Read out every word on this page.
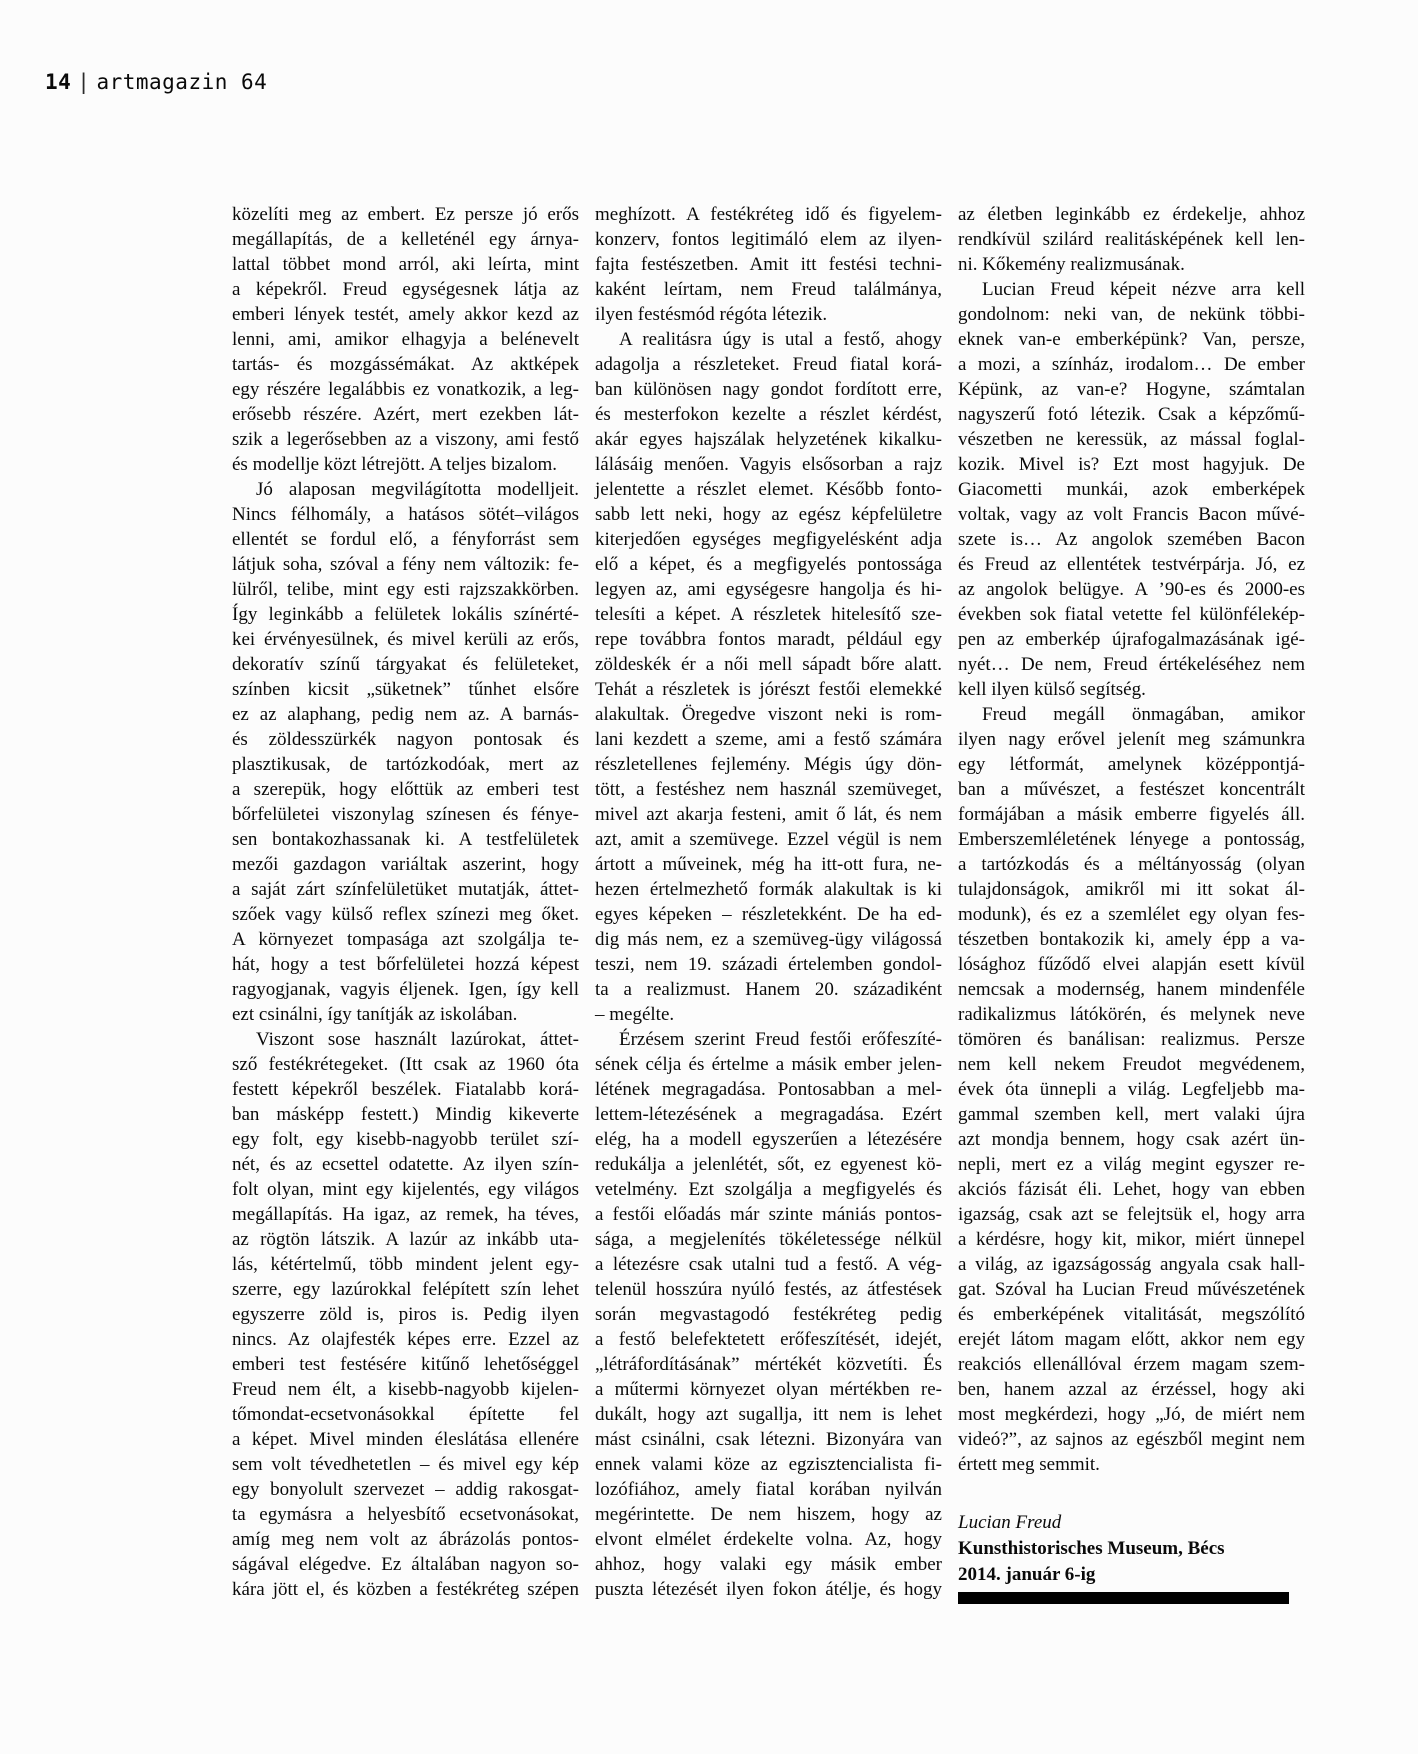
14 | artmagazin 64
közelíti meg az embert. Ez persze jó erős
megállapítás, de a kelleténél egy árnya-
lattal többet mond arról, aki leírta, mint
a képekről. Freud egységesnek látja az
emberi lények testét, amely akkor kezd az
lenni, ami, amikor elhagyja a belénevelt
tartás- és mozgássémákat. Az aktképek
egy részére legalábbis ez vonatkozik, a leg-
erősebb részére. Azért, mert ezekben lát-
szik a legerősebben az a viszony, ami festő
és modellje közt létrejött. A teljes bizalom.
Jó alaposan megvilágította modelljeit.
Nincs félhomály, a hatásos sötét–világos
ellentét se fordul elő, a fényforrást sem
látjuk soha, szóval a fény nem változik: fe-
lülről, telibe, mint egy esti rajzszakkörben.
Így leginkább a felületek lokális színérté-
kei érvényesülnek, és mivel kerüli az erős,
dekoratív színű tárgyakat és felületeket,
színben kicsit „süketnek” tűnhet elsőre
ez az alaphang, pedig nem az. A barnás-
és zöldesszürkék nagyon pontosak és
plasztikusak, de tartózkodóak, mert az
a szerepük, hogy előttük az emberi test
bőrfelületei viszonylag színesen és fénye-
sen bontakozhassanak ki. A testfelületek
mezői gazdagon variáltak aszerint, hogy
a saját zárt színfelületüket mutatják, áttet-
szőek vagy külső reflex színezi meg őket.
A környezet tompasága azt szolgálja te-
hát, hogy a test bőrfelületei hozzá képest
ragyogjanak, vagyis éljenek. Igen, így kell
ezt csinálni, így tanítják az iskolában.
Viszont sose használt lazúrokat, áttet-
sző festékrétegeket. (Itt csak az 1960 óta
festett képekről beszélek. Fiatalabb korá-
ban másképp festett.) Mindig kikeverte
egy folt, egy kisebb-nagyobb terület szí-
nét, és az ecsettel odatette. Az ilyen szín-
folt olyan, mint egy kijelentés, egy világos
megállapítás. Ha igaz, az remek, ha téves,
az rögtön látszik. A lazúr az inkább uta-
lás, kétértelmű, több mindent jelent egy-
szerre, egy lazúrokkal felépített szín lehet
egyszerre zöld is, piros is. Pedig ilyen
nincs. Az olajfesték képes erre. Ezzel az
emberi test festésére kitűnő lehetőséggel
Freud nem élt, a kisebb-nagyobb kijelen-
tőmondat-ecsetvonásokkal építette fel
a képet. Mivel minden éleslátása ellenére
sem volt tévedhetetlen – és mivel egy kép
egy bonyolult szervezet – addig rakosgat-
ta egymásra a helyesbítő ecsetvonásokat,
amíg meg nem volt az ábrázolás pontos-
ságával elégedve. Ez általában nagyon so-
kára jött el, és közben a festékréteg szépen
meghízott. A festékréteg idő és figyelem-
konzerv, fontos legitimáló elem az ilyen-
fajta festészetben. Amit itt festési techni-
kaként leírtam, nem Freud találmánya,
ilyen festésmód régóta létezik.
A realitásra úgy is utal a festő, ahogy
adagolja a részleteket. Freud fiatal korá-
ban különösen nagy gondot fordított erre,
és mesterfokon kezelte a részlet kérdést,
akár egyes hajszálak helyzetének kikalku-
lálásáig menően. Vagyis elsősorban a rajz
jelentette a részlet elemet. Később fonto-
sabb lett neki, hogy az egész képfelületre
kiterjedően egységes megfigyelésként adja
elő a képet, és a megfigyelés pontossága
legyen az, ami egységesre hangolja és hi-
telesíti a képet. A részletek hitelesítő sze-
repe továbbra fontos maradt, például egy
zöldeskék ér a női mell sápadt bőre alatt.
Tehát a részletek is jórészt festői elemekké
alakultak. Öregedve viszont neki is rom-
lani kezdett a szeme, ami a festő számára
részletellenes fejlemény. Mégis úgy dön-
tött, a festéshez nem használ szemüveget,
mivel azt akarja festeni, amit ő lát, és nem
azt, amit a szemüvege. Ezzel végül is nem
ártott a műveinek, még ha itt-ott fura, ne-
hezen értelmezhető formák alakultak is ki
egyes képeken – részletekként. De ha ed-
dig más nem, ez a szemüveg-ügy világossá
teszi, nem 19. századi értelemben gondol-
ta a realizmust. Hanem 20. századiként
– megélte.
Érzésem szerint Freud festői erőfeszíté-
sének célja és értelme a másik ember jelen-
létének megragadása. Pontosabban a mel-
lettem-létezésének a megragadása. Ezért
elég, ha a modell egyszerűen a létezésére
redukálja a jelenlétét, sőt, ez egyenest kö-
vetelmény. Ezt szolgálja a megfigyelés és
a festői előadás már szinte mániás pontos-
sága, a megjelenítés tökéletessége nélkül
a létezésre csak utalni tud a festő. A vég-
telenül hosszúra nyúló festés, az átfestések
során megvastagodó festékréteg pedig
a festő belefektetett erőfeszítését, idejét,
„létráfordításának” mértékét közvetíti. És
a műtermi környezet olyan mértékben re-
dukált, hogy azt sugallja, itt nem is lehet
mást csinálni, csak létezni. Bizonyára van
ennek valami köze az egzisztencialista fi-
lozófiához, amely fiatal korában nyilván
megérintette. De nem hiszem, hogy az
elvont elmélet érdekelte volna. Az, hogy
ahhoz, hogy valaki egy másik ember
puszta létezését ilyen fokon átélje, és hogy
az életben leginkább ez érdekelje, ahhoz
rendkívül szilárd realitásképének kell len-
ni. Kőkemény realizmusának.
Lucian Freud képeit nézve arra kell
gondolnom: neki van, de nekünk többi-
eknek van-e emberképünk? Van, persze,
a mozi, a színház, irodalom… De ember
Képünk, az van-e? Hogyne, számtalan
nagyszerű fotó létezik. Csak a képzőmű-
vészetben ne keressük, az mással foglal-
kozik. Mivel is? Ezt most hagyjuk. De
Giacometti munkái, azok emberképek
voltak, vagy az volt Francis Bacon művé-
szete is… Az angolok szemében Bacon
és Freud az ellentétek testvérpárja. Jó, ez
az angolok belügye. A ’90-es és 2000-es
években sok fiatal vetette fel különfélekép-
pen az emberkép újrafogalmazásának igé-
nyét… De nem, Freud értékeléséhez nem
kell ilyen külső segítség.
Freud megáll önmagában, amikor
ilyen nagy erővel jelenít meg számunkra
egy létformát, amelynek középpontjá-
ban a művészet, a festészet koncentrált
formájában a másik emberre figyelés áll.
Emberszemléletének lényege a pontosság,
a tartózkodás és a méltányosság (olyan
tulajdonságok, amikről mi itt sokat ál-
modunk), és ez a szemlélet egy olyan fes-
tészetben bontakozik ki, amely épp a va-
lósághoz fűződő elvei alapján esett kívül
nemcsak a modernség, hanem mindenféle
radikalizmus látókörén, és melynek neve
tömören és banálisan: realizmus. Persze
nem kell nekem Freudot megvédenem,
évek óta ünnepli a világ. Legfeljebb ma-
gammal szemben kell, mert valaki újra
azt mondja bennem, hogy csak azért ün-
nepli, mert ez a világ megint egyszer re-
akciós fázisát éli. Lehet, hogy van ebben
igazság, csak azt se felejtsük el, hogy arra
a kérdésre, hogy kit, mikor, miért ünnepel
a világ, az igazságosság angyala csak hall-
gat. Szóval ha Lucian Freud művészetének
és emberképének vitalitását, megszólító
erejét látom magam előtt, akkor nem egy
reakciós ellenállóval érzem magam szem-
ben, hanem azzal az érzéssel, hogy aki
most megkérdezi, hogy „Jó, de miért nem
videó?”, az sajnos az egészből megint nem
értett meg semmit.
Lucian Freud
Kunsthistorisches Museum, Bécs
2014. január 6-ig
